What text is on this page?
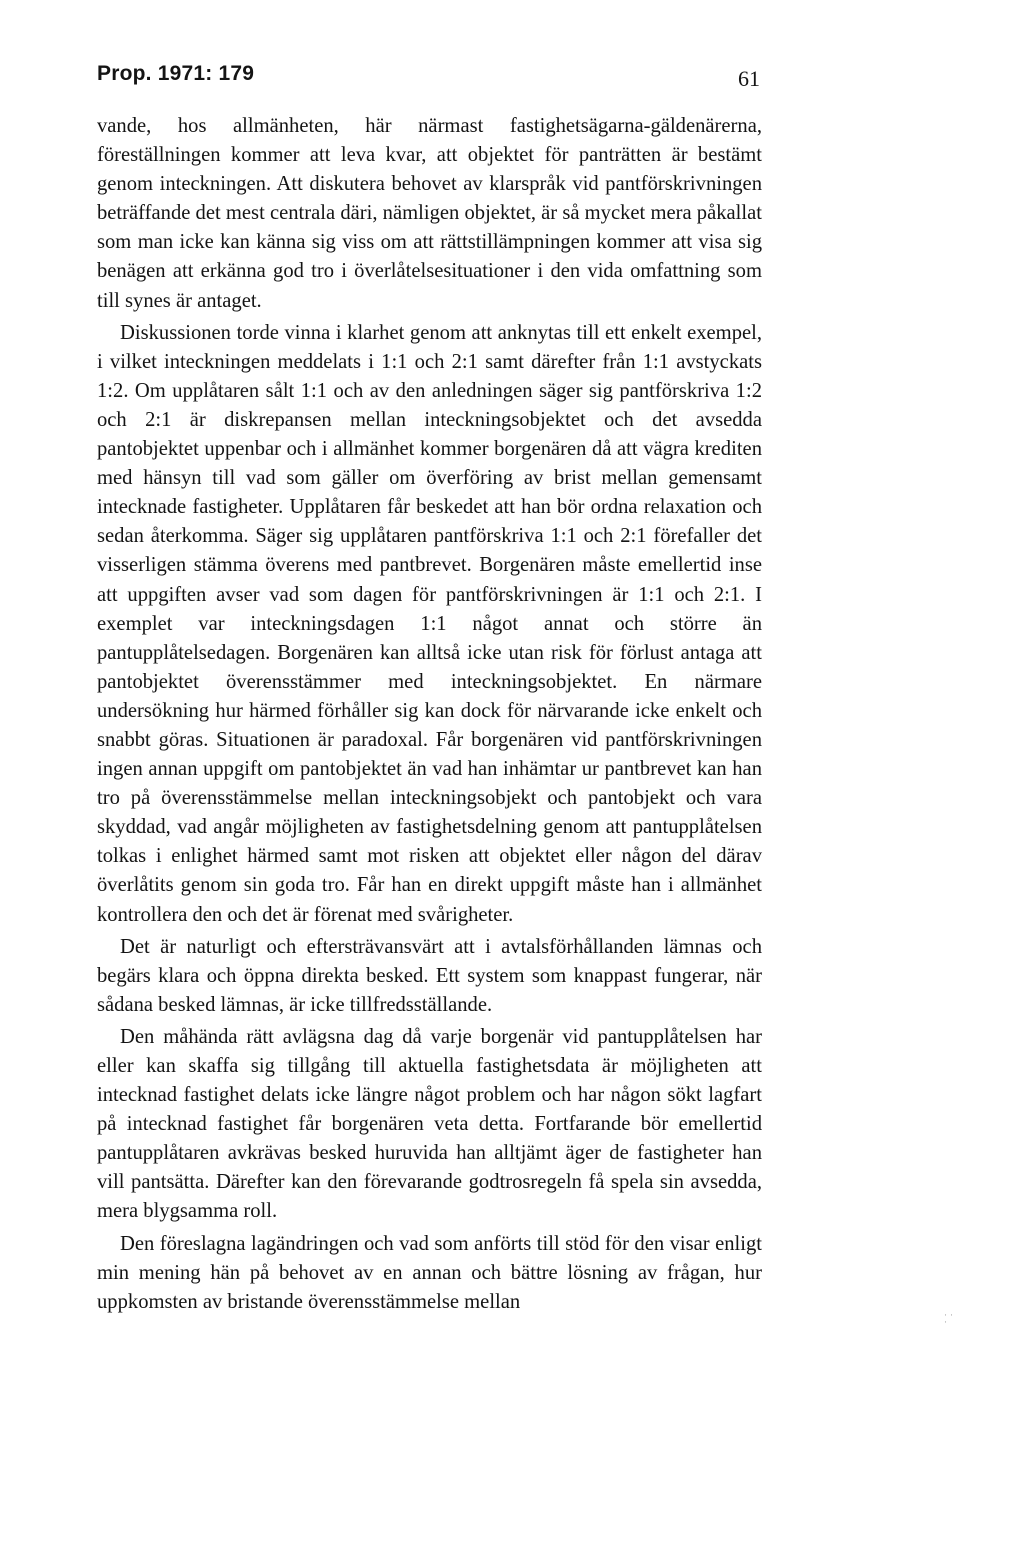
Prop. 1971: 179	61

vande, hos allmänheten, här närmast fastighetsägarna-gäldenärerna, föreställningen kommer att leva kvar, att objektet för panträtten är bestämt genom inteckningen. Att diskutera behovet av klarspråk vid pantförskrivningen beträffande det mest centrala däri, nämligen objektet, är så mycket mera påkallat som man icke kan känna sig viss om att rättstillämpningen kommer att visa sig benägen att erkänna god tro i överlåtelsesituationer i den vida omfattning som till synes är antaget.

Diskussionen torde vinna i klarhet genom att anknytas till ett enkelt exempel, i vilket inteckningen meddelats i 1:1 och 2:1 samt därefter från 1:1 avstyckats 1:2. Om upplåtaren sålt 1:1 och av den anledningen säger sig pantförskriva 1:2 och 2:1 är diskrepansen mellan inteckningsobjektet och det avsedda pantobjektet uppenbar och i allmänhet kommer borgenären då att vägra krediten med hänsyn till vad som gäller om överföring av brist mellan gemensamt intecknade fastigheter. Upplåtaren får beskedet att han bör ordna relaxation och sedan återkomma. Säger sig upplåtaren pantförskriva 1:1 och 2:1 förefaller det visserligen stämma överens med pantbrevet. Borgenären måste emellertid inse att uppgiften avser vad som dagen för pantförskrivningen är 1:1 och 2:1. I exemplet var inteckningsdagen 1:1 något annat och större än pantupplåtelsedagen. Borgenären kan alltså icke utan risk för förlust antaga att pantobjektet överensstämmer med inteckningsobjektet. En närmare undersökning hur härmed förhåller sig kan dock för närvarande icke enkelt och snabbt göras. Situationen är paradoxal. Får borgenären vid pantförskrivningen ingen annan uppgift om pantobjektet än vad han inhämtar ur pantbrevet kan han tro på överensstämmelse mellan inteckningsobjekt och pantobjekt och vara skyddad, vad angår möjligheten av fastighetsdelning genom att pantupplåtelsen tolkas i enlighet härmed samt mot risken att objektet eller någon del därav överlåtits genom sin goda tro. Får han en direkt uppgift måste han i allmänhet kontrollera den och det är förenat med svårigheter.

Det är naturligt och eftersträvansvärt att i avtalsförhållanden lämnas och begärs klara och öppna direkta besked. Ett system som knappast fungerar, när sådana besked lämnas, är icke tillfredsställande.

Den måhända rätt avlägsna dag då varje borgenär vid pantupplåtelsen har eller kan skaffa sig tillgång till aktuella fastighetsdata är möjligheten att intecknad fastighet delats icke längre något problem och har någon sökt lagfart på intecknad fastighet får borgenären veta detta. Fortfarande bör emellertid pantupplåtaren avkrävas besked huruvida han alltjämt äger de fastigheter han vill pantsätta. Därefter kan den förevarande godtrosregeln få spela sin avsedda, mera blygsamma roll.

Den föreslagna lagändringen och vad som anförts till stöd för den visar enligt min mening hän på behovet av en annan och bättre lösning av frågan, hur uppkomsten av bristande överensstämmelse mellan

·· ·
